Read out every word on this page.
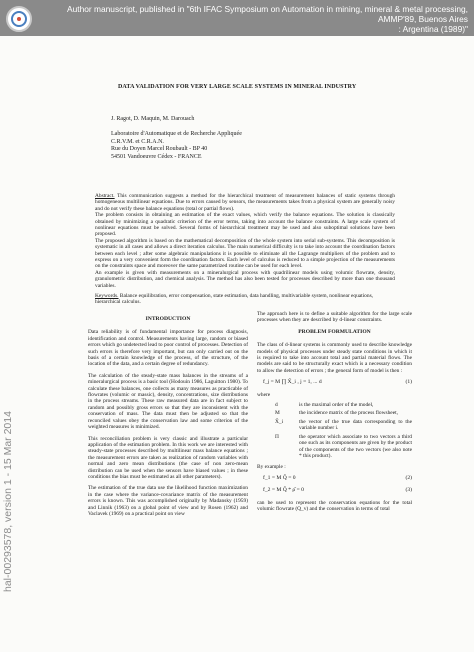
Author manuscript, published in "6th IFAC Symposium on Automation in mining, mineral & metal processing, AMMP'89, Buenos Aires
: Argentina (1989)"
hal-00293578, version 1 - 15 Mar 2014
DATA VALIDATION FOR VERY LARGE SCALE SYSTEMS IN MINERAL INDUSTRY
J. Ragot, D. Maquin, M. Darouach
Laboratoire d'Automatique et de Recherche Appliquée
C.R.V.M. et C.R.A.N.
Rue du Doyen Marcel Roubault - BP 40
54501 Vandoeuvre Cédex - FRANCE

Abstract. This communication suggests a method for the hierarchical treatment of measurement balances of static systems through homogeneous multilinear equations. Due to errors caused by sensors, the measurements takes from a physical system are generally noisy and do not verify these balance equations (total or partial flows).

The problem consists in obtaining an estimation of the exact values, which verify the balance equations. The solution is classically obtained by minimizing a quadratic criterion of the error terms, taking into account the balance constraints. A large scale system of nonlinear equations must be solved. Several forms of hierarchical treatment may be used and also suboptimal solutions have been proposed.

The proposed algorithm is based on the mathematical decomposition of the whole system into serial sub-systems. This decomposition is systematic in all cases and allows a direct iteration calculus. The main numerical difficulty is to take into account the coordination factors between each level ; after some algebraic manipulations it is possible to eliminate all the Lagrange multipliers of the problem and to express on a very convenient form the coordination factors. Each level of calculus is reduced to a simple projection of the measurements on the constraints space and moreover the same parametrized routine can be used for each level.

An example is given with measurements on a mineralurgical process with quadrilinear models using volumic flowrate, density, granulometric distribution, and chemical analysis. The method has also been tested for processes described by more than one thousand variables.

Keywords. Balance equilibration, error compensation, state estimation, data handling, multivariable system, nonlinear equations, hierarchical calculus.
INTRODUCTION

Data reliability is of fundamental importance for process diagnosis, identification and control. Measurements having large, random or biased errors which go undetected lead to poor control of processes. Detection of such errors is therefore very important, but can only carried out on the basis of a certain knowledge of the process, of the structure, of the location of the data, and a certain degree of redundancy.

The calculation of the steady-state mass balances in the streams of a mineralurgical process is a basic tool (Hodouin 1986, Laguitton 1980). To calculate these balances, one collects as many measures as practicable of flowrates (volumic or massic), density, concentrations, size distributions in the process streams. These raw measured data are in fact subject to random and possibly gross errors so that they are inconsistent with the conservation of mass. The data must then be adjusted so that the reconciled values obey the conservation law and some criterion of the weighted measures is minimized.

This reconciliation problem is very classic and illustrate a particular application of the estimation problem. In this work we are interested with steady-state processes described by multilinear mass balance equations ; the measurement errors are taken as realization of random variables with normal and zero mean distributions (the case of non zero-mean distribution can be used when the sensors have biased values ; in these conditions the bias must be estimated as all other parameters).

The estimation of the true data use the likelihood function maximization in the case where the variance-covariance matrix of the measurement errors is known. This was accomplished originally by Madansky (1959) and Linnik (1963) on a global point of view and by Rosen (1962) and Vaclavek (1969) on a practical point on view

The approach here is to define a suitable algorithm for the large scale processes when they are described by d-linear constraints.

PROBLEM FORMULATION

The class of d-linear systems is commonly used to describe knowledge models of physical processes under steady state conditions in which it is required to take into account total and partial material flows. The models are said to be structurally exact which is a necessary condition to allow the detection of errors ; the general form of model is then :

f_j = M ∏ X̂_i , j = 1, ... d	(1)
where
d	is the maximal order of the model,
M	the incidence matrix of the process flowsheet,
X̂_i	the vector of the true data corresponding to the variable number i.
Π	the operator which associate to two vectors a third one such as its components are given by the product of the components of the two vectors (we also note * this product).
By example :
f_1 = M Q̂ = 0	(2)
f_2 = M Q̂ * ρ̂ = 0	(3)

can be used to represent the conservation equations for the total volumic flowrate (Q_v) and the conservation in terms of total
